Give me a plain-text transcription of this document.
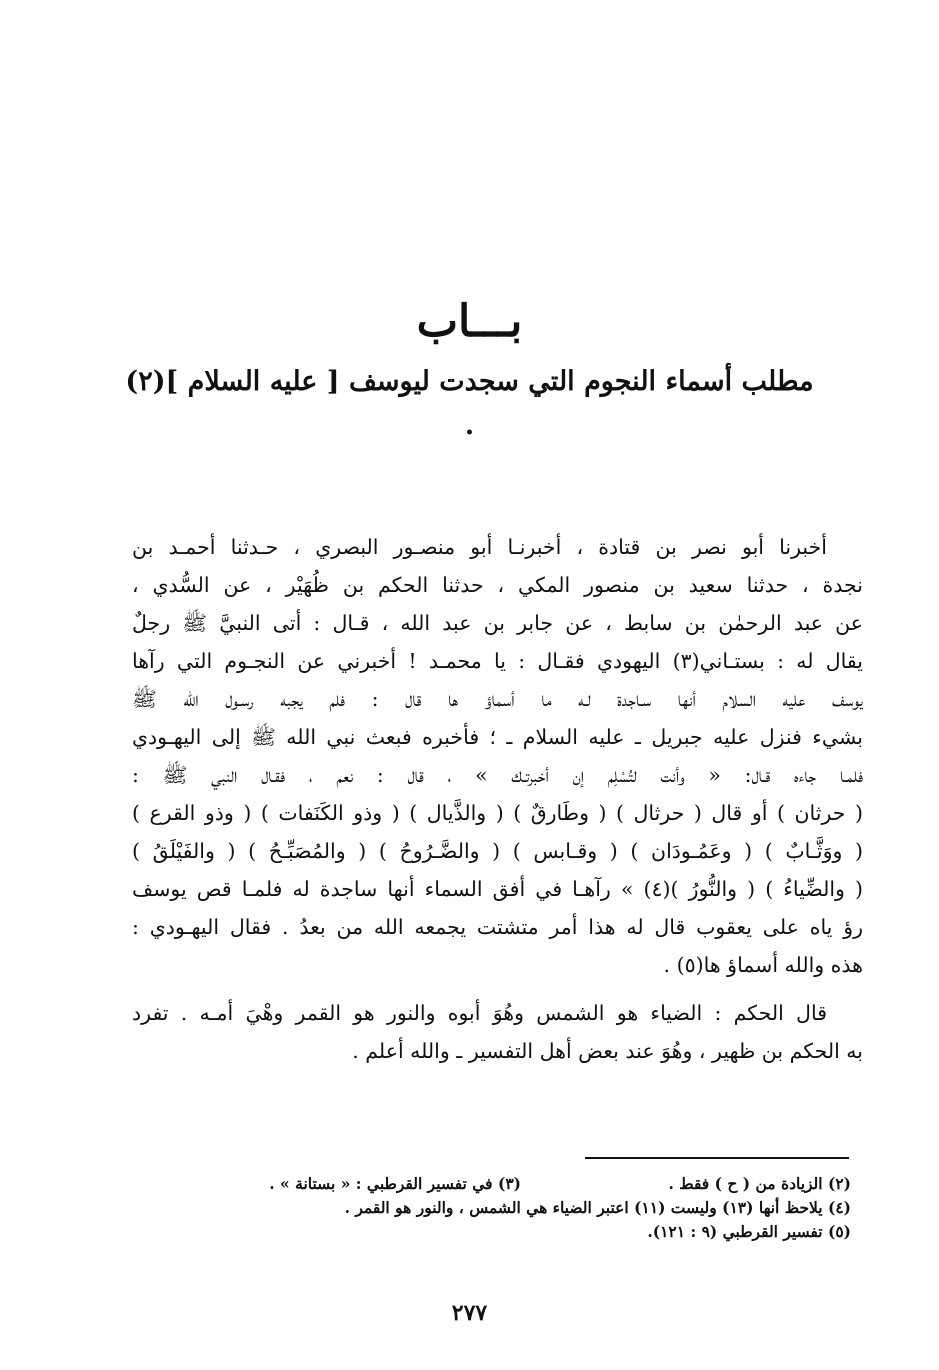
بـــاب
مطلب أسماء النجوم التي سجدت ليوسف [ عليه السلام ](٢) .
أخبرنا أبو نصر بن قتادة ، أخبرنـا أبو منصـور البصري ، حـدثنا أحمـد بن
نجدة ، حدثنا سعيد بن منصور المكي ، حدثنا الحكم بن ظُهَيْر ، عن السُّدي ،
عن عبد الرحمٰن بن سابط ، عن جابر بن عبد الله ، قـال : أتى النبيَّ ﷺ رجلٌ
يقال له : بستـاني(٣) اليهودي فقـال : يا محمـد ! أخبرني عن النجـوم التي رآها
يوسف عليه السلام أنها سـاجدة لـه ما أسماؤ ها قال : فلم يجبه رسـول الله ﷺ
بشيء فنزل عليه جبريل ـ عليه السلام ـ ؛ فأخبره فبعث نبي الله ﷺ إلى اليهـودي
فلمـا جاءه قـال: « وأنت لتُسْلِم إن أخبرتـك » ، قال : نعم ، فقـال النبي ﷺ :
( حرثان ) أو قال ( حرثال ) ( وطَارقٌ ) ( والذَّيال ) ( وذو الكَنَفات ) ( وذو القرع )
( ووَثَّـابٌ ) ( وعَمُـودَان ) ( وقـابس ) ( والضَّـرُوحُ ) ( والمُصَبِّـحُ ) ( والفَيْلَقُ )
( والضِّياءُ ) ( والنُّورُ )(٤) » رآهـا في أفق السماء أنها ساجدة له فلمـا قص يوسف
رؤ ياه على يعقوب قال له هذا أمر متشتت يجمعه الله من بعدُ . فقال اليهـودي :
هذه والله أسماؤ ها(٥) .
قال الحكم : الضياء هو الشمس وهُوَ أبوه والنور هو القمر وهْيَ أمـه . تفرد
به الحكم بن ظهير ، وهُوَ عند بعض أهل التفسير ـ والله أعلم .
(٢) الزيادة من ( ح ) فقط .
(٣) في تفسير القرطبي : « بستانة » .
(٤) يلاحظ أنها (١٣) وليست (١١) اعتبر الضياء هي الشمس ، والنور هو القمر .
(٥) تفسير القرطبي (٩ : ١٢١).
٢٧٧
